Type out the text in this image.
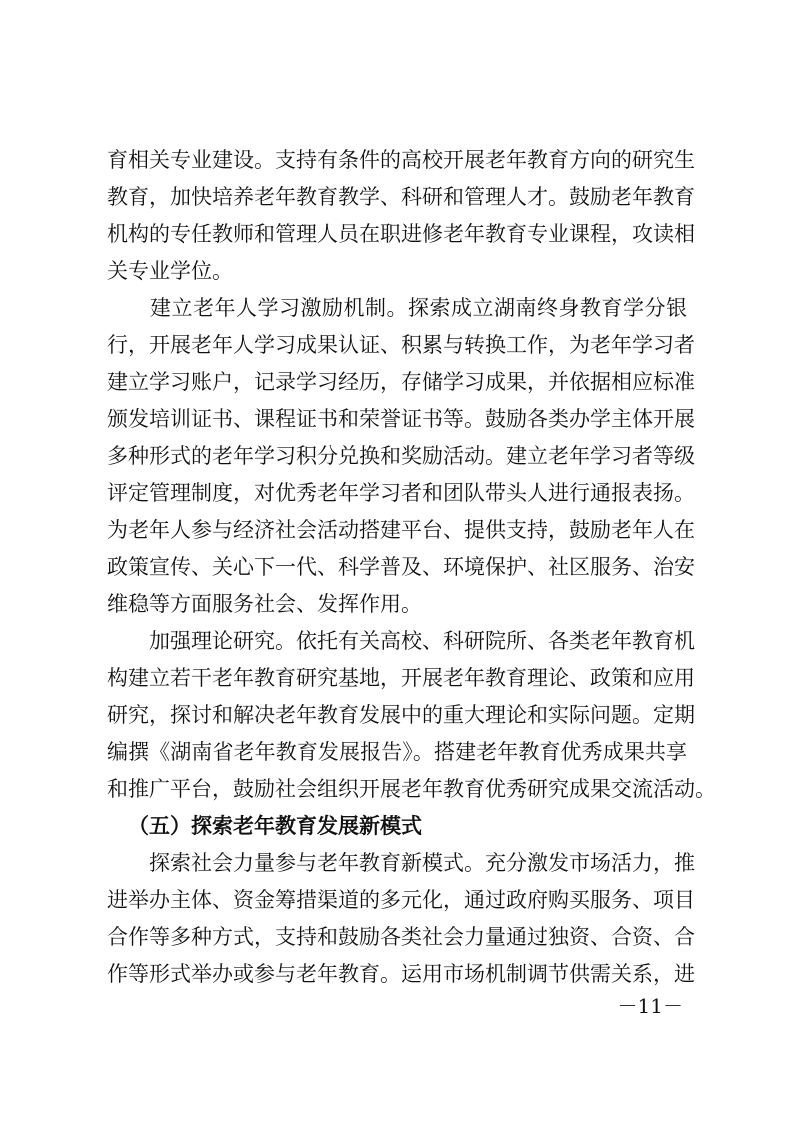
育相关专业建设。支持有条件的高校开展老年教育方向的研究生
教育，加快培养老年教育教学、科研和管理人才。鼓励老年教育
机构的专任教师和管理人员在职进修老年教育专业课程，攻读相
关专业学位。
　　建立老年人学习激励机制。探索成立湖南终身教育学分银
行，开展老年人学习成果认证、积累与转换工作，为老年学习者
建立学习账户，记录学习经历，存储学习成果，并依据相应标准
颁发培训证书、课程证书和荣誉证书等。鼓励各类办学主体开展
多种形式的老年学习积分兑换和奖励活动。建立老年学习者等级
评定管理制度，对优秀老年学习者和团队带头人进行通报表扬。
为老年人参与经济社会活动搭建平台、提供支持，鼓励老年人在
政策宣传、关心下一代、科学普及、环境保护、社区服务、治安
维稳等方面服务社会、发挥作用。
　　加强理论研究。依托有关高校、科研院所、各类老年教育机
构建立若干老年教育研究基地，开展老年教育理论、政策和应用
研究，探讨和解决老年教育发展中的重大理论和实际问题。定期
编撰《湖南省老年教育发展报告》。搭建老年教育优秀成果共享
和推广平台，鼓励社会组织开展老年教育优秀研究成果交流活动。
（五）探索老年教育发展新模式
　　探索社会力量参与老年教育新模式。充分激发市场活力，推
进举办主体、资金筹措渠道的多元化，通过政府购买服务、项目
合作等多种方式，支持和鼓励各类社会力量通过独资、合资、合
作等形式举办或参与老年教育。运用市场机制调节供需关系，进
－11－
